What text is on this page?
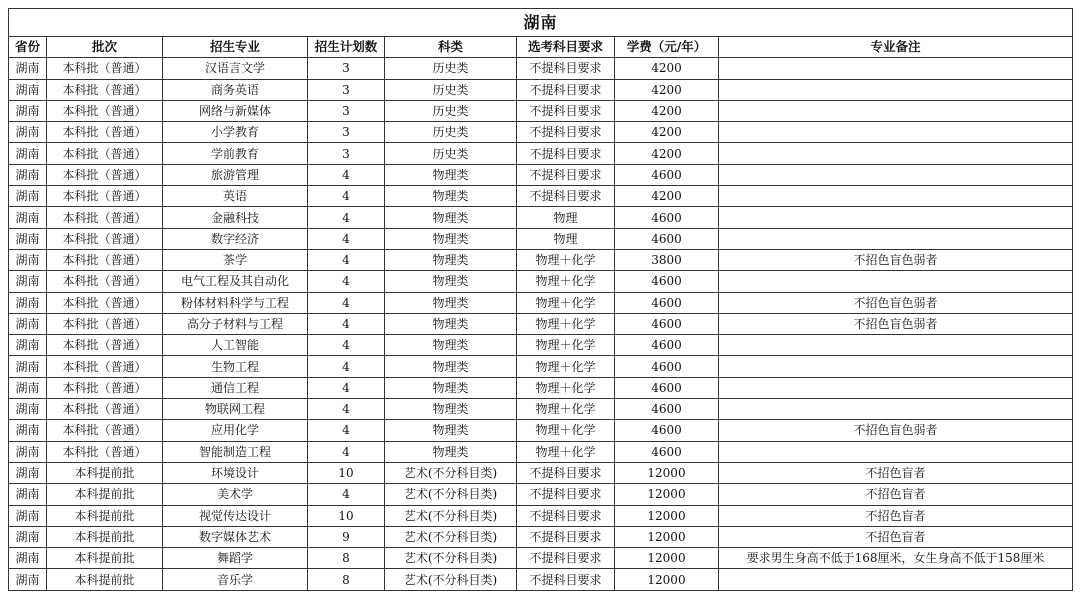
湖南							
省份	批次	招生专业	招生计划数	科类	选考科目要求	学费（元/年）	专业备注
湖南	本科批（普通）	汉语言文学	3	历史类	不提科目要求	4200	
湖南	本科批（普通）	商务英语	3	历史类	不提科目要求	4200	
湖南	本科批（普通）	网络与新媒体	3	历史类	不提科目要求	4200	
湖南	本科批（普通）	小学教育	3	历史类	不提科目要求	4200	
湖南	本科批（普通）	学前教育	3	历史类	不提科目要求	4200	
湖南	本科批（普通）	旅游管理	4	物理类	不提科目要求	4600	
湖南	本科批（普通）	英语	4	物理类	不提科目要求	4200	
湖南	本科批（普通）	金融科技	4	物理类	物理	4600	
湖南	本科批（普通）	数字经济	4	物理类	物理	4600	
湖南	本科批（普通）	茶学	4	物理类	物理＋化学	3800	不招色盲色弱者
湖南	本科批（普通）	电气工程及其自动化	4	物理类	物理＋化学	4600	
湖南	本科批（普通）	粉体材料科学与工程	4	物理类	物理＋化学	4600	不招色盲色弱者
湖南	本科批（普通）	高分子材料与工程	4	物理类	物理＋化学	4600	不招色盲色弱者
湖南	本科批（普通）	人工智能	4	物理类	物理＋化学	4600	
湖南	本科批（普通）	生物工程	4	物理类	物理＋化学	4600	
湖南	本科批（普通）	通信工程	4	物理类	物理＋化学	4600	
湖南	本科批（普通）	物联网工程	4	物理类	物理＋化学	4600	
湖南	本科批（普通）	应用化学	4	物理类	物理＋化学	4600	不招色盲色弱者
湖南	本科批（普通）	智能制造工程	4	物理类	物理＋化学	4600	
湖南	本科提前批	环境设计	10	艺术(不分科目类)	不提科目要求	12000	不招色盲者
湖南	本科提前批	美术学	4	艺术(不分科目类)	不提科目要求	12000	不招色盲者
湖南	本科提前批	视觉传达设计	10	艺术(不分科目类)	不提科目要求	12000	不招色盲者
湖南	本科提前批	数字媒体艺术	9	艺术(不分科目类)	不提科目要求	12000	不招色盲者
湖南	本科提前批	舞蹈学	8	艺术(不分科目类)	不提科目要求	12000	要求男生身高不低于168厘米，女生身高不低于158厘米
湖南	本科提前批	音乐学	8	艺术(不分科目类)	不提科目要求	12000	
